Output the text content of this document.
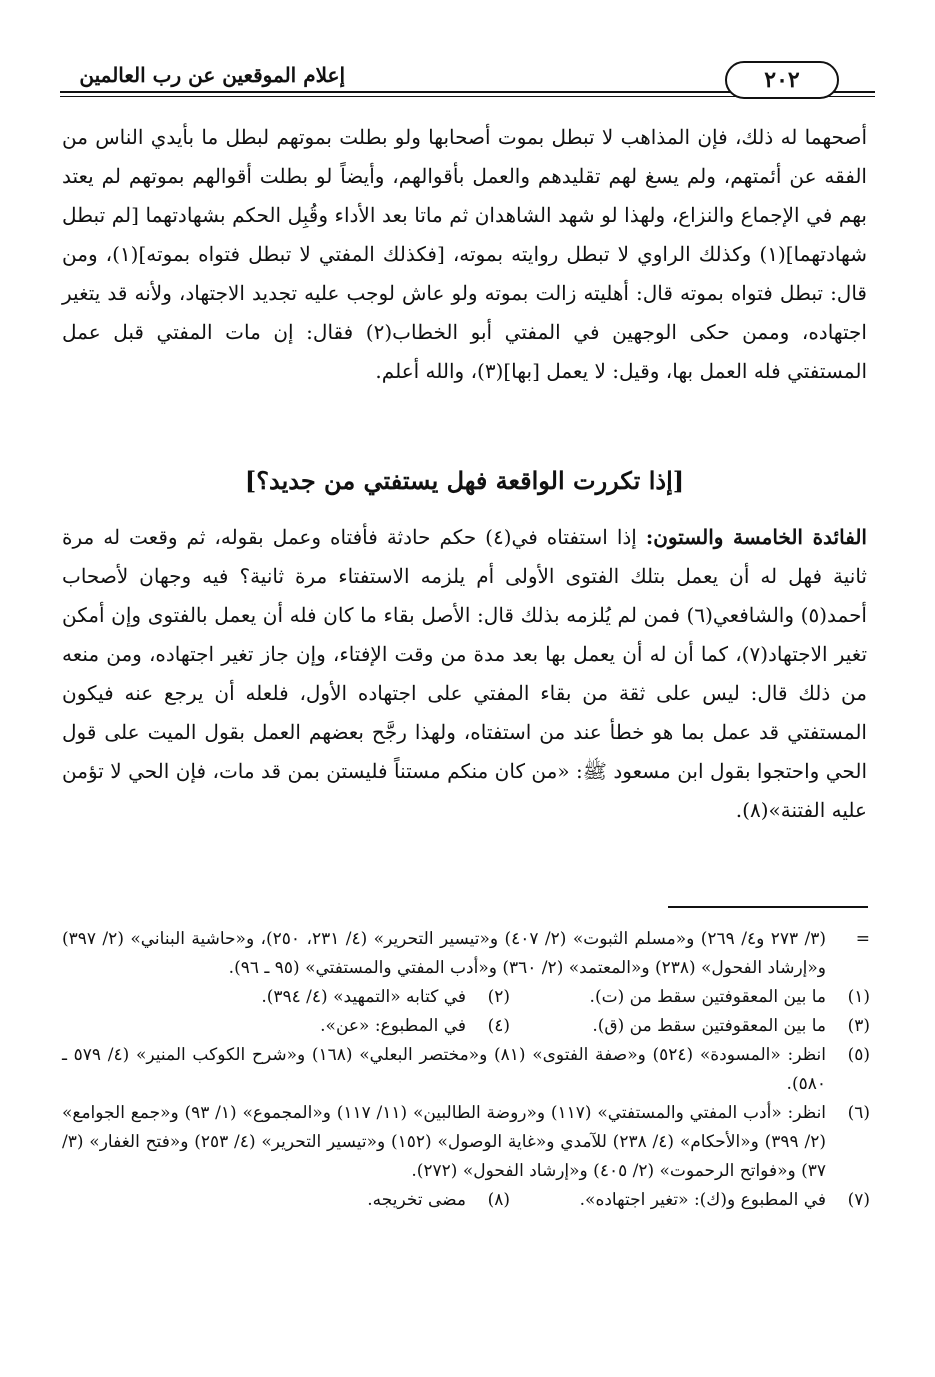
إعلام الموقعين عن رب العالمين	٢٠٢

أصحهما له ذلك، فإن المذاهب لا تبطل بموت أصحابها ولو بطلت بموتهم لبطل ما بأيدي الناس من الفقه عن أئمتهم، ولم يسغ لهم تقليدهم والعمل بأقوالهم، وأيضاً لو بطلت أقوالهم بموتهم لم يعتد بهم في الإجماع والنزاع، ولهذا لو شهد الشاهدان ثم ماتا بعد الأداء وقُبِل الحكم بشهادتهما [لم تبطل شهادتهما](١) وكذلك الراوي لا تبطل روايته بموته، [فكذلك المفتي لا تبطل فتواه بموته](١)، ومن قال: تبطل فتواه بموته قال: أهليته زالت بموته ولو عاش لوجب عليه تجديد الاجتهاد، ولأنه قد يتغير اجتهاده، وممن حكى الوجهين في المفتي أبو الخطاب(٢) فقال: إن مات المفتي قبل عمل المستفتي فله العمل بها، وقيل: لا يعمل [بها](٣)، والله أعلم.

[إذا تكررت الواقعة فهل يستفتي من جديد؟]

الفائدة الخامسة والستون: إذا استفتاه في(٤) حكم حادثة فأفتاه وعمل بقوله، ثم وقعت له مرة ثانية فهل له أن يعمل بتلك الفتوى الأولى أم يلزمه الاستفتاء مرة ثانية؟ فيه وجهان لأصحاب أحمد(٥) والشافعي(٦) فمن لم يُلزمه بذلك قال: الأصل بقاء ما كان فله أن يعمل بالفتوى وإن أمكن تغير الاجتهاد(٧)، كما أن له أن يعمل بها بعد مدة من وقت الإفتاء، وإن جاز تغير اجتهاده، ومن منعه من ذلك قال: ليس على ثقة من بقاء المفتي على اجتهاده الأول، فلعله أن يرجع عنه فيكون المستفتي قد عمل بما هو خطأ عند من استفتاه، ولهذا رجَّح بعضهم العمل بقول الميت على قول الحي واحتجوا بقول ابن مسعود ﷺ: «من كان منكم مستناً فليستن بمن قد مات، فإن الحي لا تؤمن عليه الفتنة»(٨).

=
(٣/ ٢٧٣ و٤/ ٢٦٩) و«مسلم الثبوت» (٢/ ٤٠٧) و«تيسير التحرير» (٤/ ٢٣١، ٢٥٠)، و«حاشية البناني» (٢/ ٣٩٧) و«إرشاد الفحول» (٢٣٨) و«المعتمد» (٢/ ٣٦٠) و«أدب المفتي والمستفتي» (٩٥ ـ ٩٦).
(١)
ما بين المعقوفتين سقط من (ت).
(٢)
في كتابه «التمهيد» (٤/ ٣٩٤).
(٣)
ما بين المعقوفتين سقط من (ق).
(٤)
في المطبوع: «عن».
(٥)
انظر: «المسودة» (٥٢٤) و«صفة الفتوى» (٨١) و«مختصر البعلي» (١٦٨) و«شرح الكوكب المنير» (٤/ ٥٧٩ ـ ٥٨٠).
(٦)
انظر: «أدب المفتي والمستفتي» (١١٧) و«روضة الطالبين» (١١/ ١١٧) و«المجموع» (١/ ٩٣) و«جمع الجوامع» (٢/ ٣٩٩) و«الأحكام» (٤/ ٢٣٨) للآمدي و«غاية الوصول» (١٥٢) و«تيسير التحرير» (٤/ ٢٥٣) و«فتح الغفار» (٣/ ٣٧) و«فواتح الرحموت» (٢/ ٤٠٥) و«إرشاد الفحول» (٢٧٢).
(٧)
في المطبوع و(ك): «تغير اجتهاده».
(٨)
مضى تخريجه.
